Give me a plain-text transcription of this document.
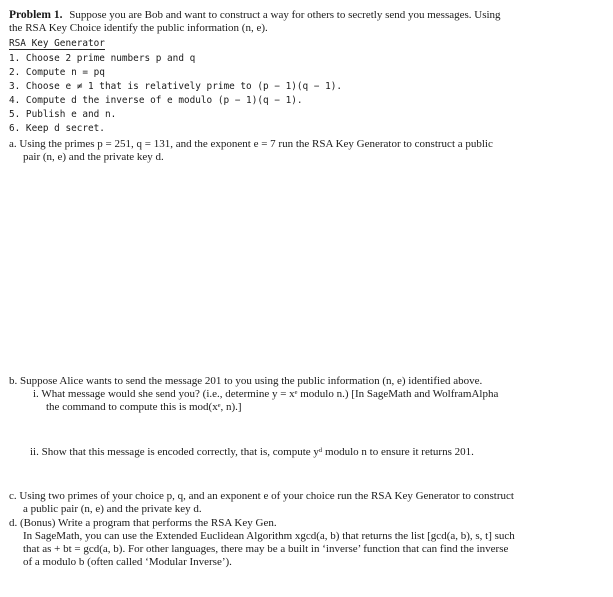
Problem 1. Suppose you are Bob and want to construct a way for others to secretly send you messages. Using
the RSA Key Choice identify the public information (n, e).
RSA Key Generator
1. Choose 2 prime numbers p and q
2. Compute n = pq
3. Choose e ≠ 1 that is relatively prime to (p − 1)(q − 1).
4. Compute d the inverse of e modulo (p − 1)(q − 1).
5. Publish e and n.
6. Keep d secret.
a. Using the primes p = 251, q = 131, and the exponent e = 7 run the RSA Key Generator to construct a public
pair (n, e) and the private key d.
b. Suppose Alice wants to send the message 201 to you using the public information (n, e) identified above.
i. What message would she send you? (i.e., determine y = xᵉ modulo n.) [In SageMath and WolframAlpha
the command to compute this is mod(xᵉ, n).]
ii. Show that this message is encoded correctly, that is, compute yᵈ modulo n to ensure it returns 201.
c. Using two primes of your choice p, q, and an exponent e of your choice run the RSA Key Generator to construct
a public pair (n, e) and the private key d.
d. (Bonus) Write a program that performs the RSA Key Gen.
In SageMath, you can use the Extended Euclidean Algorithm xgcd(a, b) that returns the list [gcd(a, b), s, t] such
that as + bt = gcd(a, b). For other languages, there may be a built in ‘inverse’ function that can find the inverse
of a modulo b (often called ‘Modular Inverse’).
